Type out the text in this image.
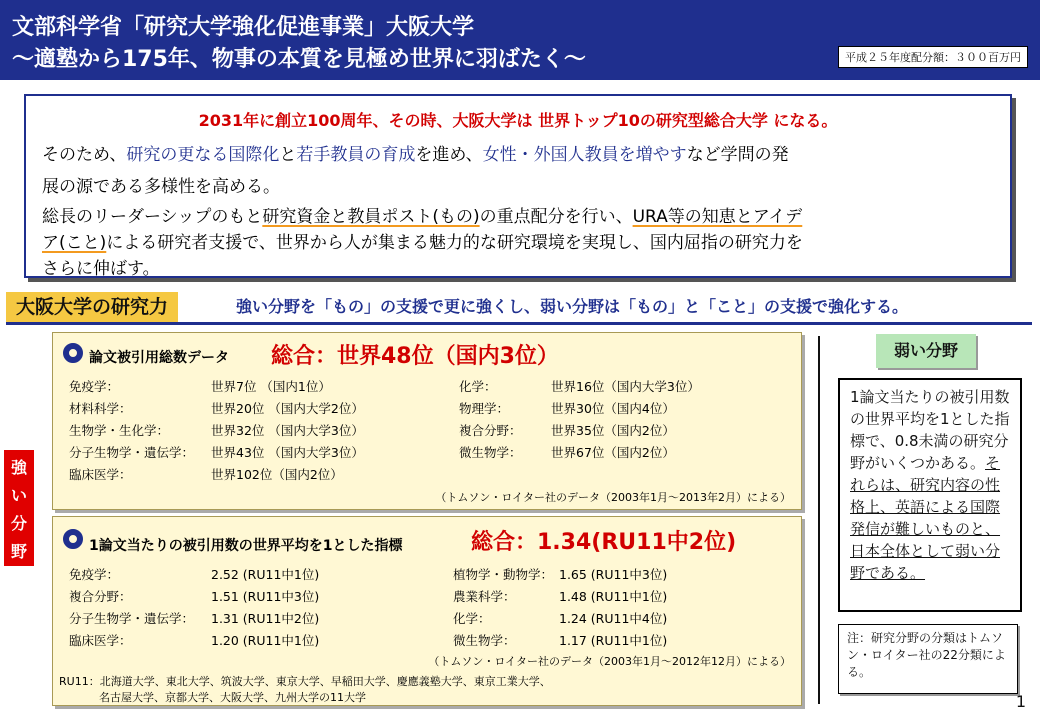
文部科学省「研究大学強化促進事業」大阪大学
～適塾から175年、物事の本質を見極め世界に羽ばたく～	平成２５年度配分額：３００百万円
2031年に創立100周年、その時、大阪大学は 世界トップ10の研究型総合大学 になる。
そのため、研究の更なる国際化と若手教員の育成を進め、女性・外国人教員を増やすなど学問の発
展の源である多様性を高める。
総長のリーダーシップのもと研究資金と教員ポスト(もの)の重点配分を行い、URA等の知恵とアイデ
ア(こと)による研究者支援で、世界から人が集まる魅力的な研究環境を実現し、国内屈指の研究力を
さらに伸ばす。
大阪大学の研究力	強い分野を「もの」の支援で更に強くし、弱い分野は「もの」と「こと」の支援で強化する。
強
い
分
野
論文被引用総数データ 総合：世界48位（国内3位）
免疫学：	世界7位 （国内1位）
材料科学：	世界20位 （国内大学2位）
生物学・生化学：	世界32位 （国内大学3位）
分子生物学・遺伝学： 世界43位 （国内大学3位）
臨床医学：	世界102位（国内2位）
化学：	世界16位（国内大学3位）
物理学：	世界30位（国内4位）
複合分野： 世界35位（国内2位）
微生物学： 世界67位（国内2位）
（トムソン・ロイター社のデータ（2003年1月～2013年2月）による）
1論文当たりの被引用数の世界平均を1とした指標	総合：1.34(RU11中2位)
免疫学：	2.52 (RU11中1位)
複合分野：	1.51 (RU11中3位)
分子生物学・遺伝学： 1.31 (RU11中2位)
臨床医学：	1.20 (RU11中1位)
植物学・動物学： 1.65 (RU11中3位)
農業科学：	1.48 (RU11中1位)
化学：	1.24 (RU11中4位)
微生物学：	1.17 (RU11中1位)
（トムソン・ロイター社のデータ（2003年1月～2012年12月）による）
RU11：北海道大学、東北大学、筑波大学、東京大学、早稲田大学、慶應義塾大学、東京工業大学、
名古屋大学、京都大学、大阪大学、九州大学の11大学
弱い分野
1論文当たりの被引用数の世界平均を1とした指標で、0.8未満の研究分野がいくつかある。それらは、研究内容の性格上、英語による国際発信が難しいものと、日本全体として弱い分野である。
注：研究分野の分類はトムソン・ロイター社の22分類による。
1
